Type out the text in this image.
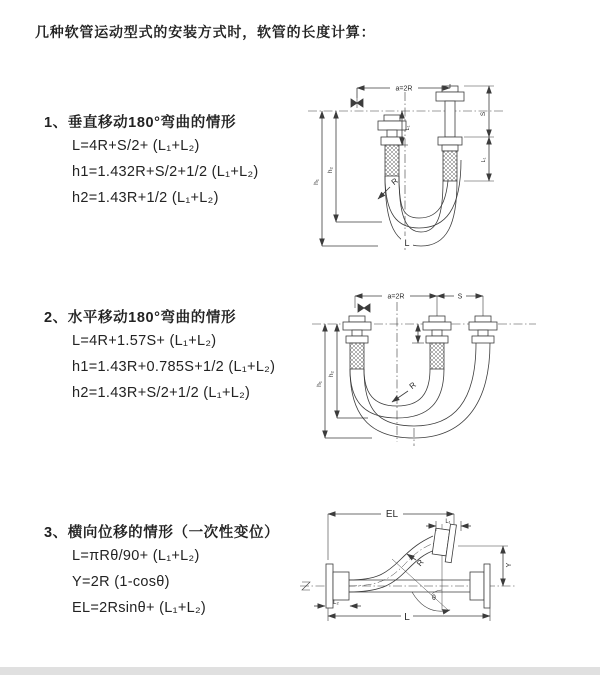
几种软管运动型式的安装方式时，软管的长度计算：
1、垂直移动180°弯曲的情形
L=4R+S/2+ (L₁+L₂)
h1=1.432R+S/2+1/2 (L₁+L₂)
h2=1.43R+1/2 (L₁+L₂)
2、水平移动180°弯曲的情形
L=4R+1.57S+ (L₁+L₂)
h1=1.43R+0.785S+1/2 (L₁+L₂)
h2=1.43R+S/2+1/2 (L₁+L₂)
3、横向位移的情形（一次性变位）
L=πRθ/90+ (L₁+L₂)
Y=2R (1-cosθ)
EL=2Rsinθ+ (L₁+L₂)
a=2R
h₁
h₂
L₁
S
L₁
R
L
a=2R	S
h₁
h₂
R
EL
L₁
Y
R
θ
L
L₂
